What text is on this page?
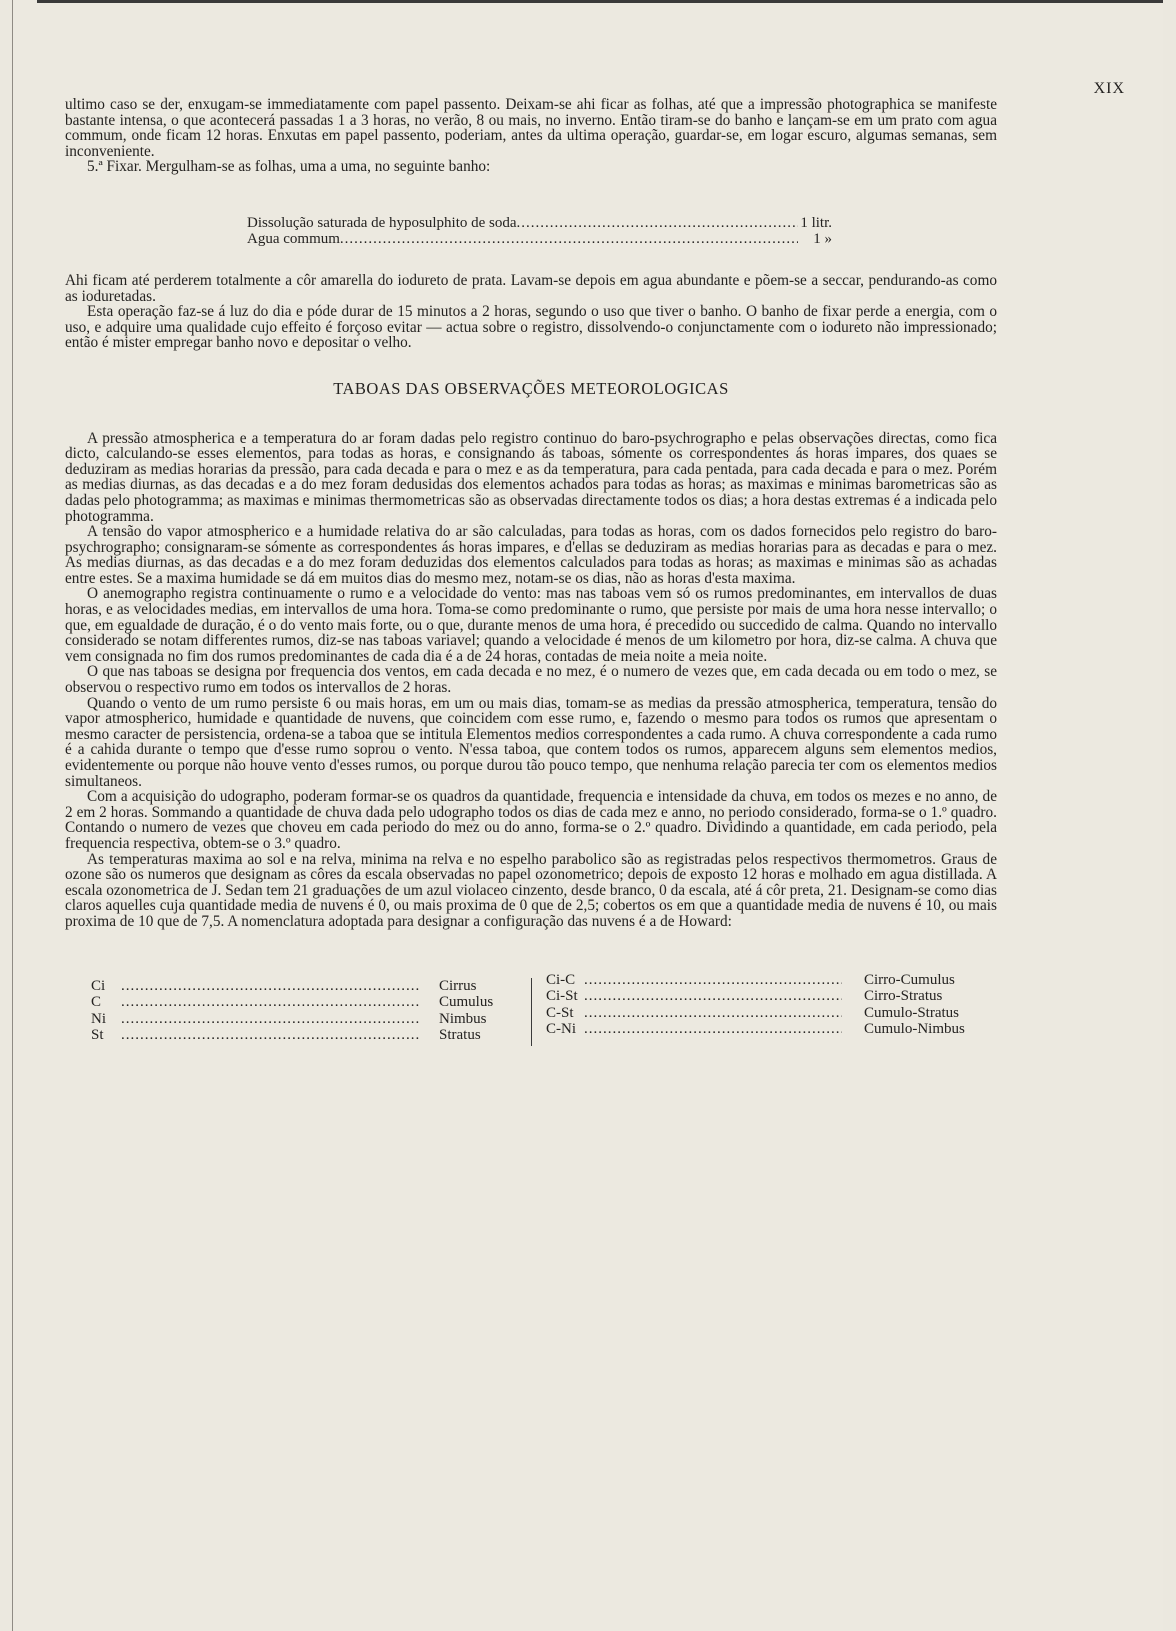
XIX

ultimo caso se der, enxugam-se immediatamente com papel passento. Deixam-se ahi ficar as folhas, até que a impressão photographica se manifeste bastante intensa, o que acontecerá passadas 1 a 3 horas, no verão, 8 ou mais, no inverno. Então tiram-se do banho e lançam-se em um prato com agua commum, onde ficam 12 horas. Enxutas em papel passento, poderiam, antes da ultima operação, guardar-se, em logar escuro, algumas semanas, sem inconveniente.

5.ª Fixar. Mergulham-se as folhas, uma a uma, no seguinte banho:

Dissolução saturada de hyposulphito de soda .....	1 litr.
Agua commum .....	1 »

Ahi ficam até perderem totalmente a côr amarella do iodureto de prata. Lavam-se depois em agua abundante e põem-se a seccar, pendurando-as como as ioduretadas.

Esta operação faz-se á luz do dia e póde durar de 15 minutos a 2 horas, segundo o uso que tiver o banho. O banho de fixar perde a energia, com o uso, e adquire uma qualidade cujo effeito é forçoso evitar — actua sobre o registro, dissolvendo-o conjunctamente com o iodureto não impressionado; então é mister empregar banho novo e depositar o velho.

TABOAS DAS OBSERVAÇÕES METEOROLOGICAS

A pressão atmospherica e a temperatura do ar foram dadas pelo registro continuo do baro-psychrographo e pelas observações directas, como fica dicto, calculando-se esses elementos, para todas as horas, e consignando ás taboas, sómente os correspondentes ás horas impares, dos quaes se deduziram as medias horarias da pressão, para cada decada e para o mez e as da temperatura, para cada pentada, para cada decada e para o mez. Porém as medias diurnas, as das decadas e a do mez foram dedusidas dos elementos achados para todas as horas; as maximas e minimas barometricas são as dadas pelo photogramma; as maximas e minimas thermometricas são as observadas directamente todos os dias; a hora destas extremas é a indicada pelo photogramma.

A tensão do vapor atmospherico e a humidade relativa do ar são calculadas, para todas as horas, com os dados fornecidos pelo registro do baro-psychrographo; consignaram-se sómente as correspondentes ás horas impares, e d'ellas se deduziram as medias horarias para as decadas e para o mez. As medias diurnas, as das decadas e a do mez foram deduzidas dos elementos calculados para todas as horas; as maximas e minimas são as achadas entre estes. Se a maxima humidade se dá em muitos dias do mesmo mez, notam-se os dias, não as horas d'esta maxima.

O anemographo registra continuamente o rumo e a velocidade do vento: mas nas taboas vem só os rumos predominantes, em intervallos de duas horas, e as velocidades medias, em intervallos de uma hora. Toma-se como predominante o rumo, que persiste por mais de uma hora nesse intervallo; o que, em egualdade de duração, é o do vento mais forte, ou o que, durante menos de uma hora, é precedido ou succedido de calma. Quando no intervallo considerado se notam differentes rumos, diz-se nas taboas variavel; quando a velocidade é menos de um kilometro por hora, diz-se calma. A chuva que vem consignada no fim dos rumos predominantes de cada dia é a de 24 horas, contadas de meia noite a meia noite.

O que nas taboas se designa por frequencia dos ventos, em cada decada e no mez, é o numero de vezes que, em cada decada ou em todo o mez, se observou o respectivo rumo em todos os intervallos de 2 horas.

Quando o vento de um rumo persiste 6 ou mais horas, em um ou mais dias, tomam-se as medias da pressão atmospherica, temperatura, tensão do vapor atmospherico, humidade e quantidade de nuvens, que coincidem com esse rumo, e, fazendo o mesmo para todos os rumos que apresentam o mesmo caracter de persistencia, ordena-se a taboa que se intitula Elementos medios correspondentes a cada rumo. A chuva correspondente a cada rumo é a cahida durante o tempo que d'esse rumo soprou o vento. N'essa taboa, que contem todos os rumos, apparecem alguns sem elementos medios, evidentemente ou porque não houve vento d'esses rumos, ou porque durou tão pouco tempo, que nenhuma relação parecia ter com os elementos medios simultaneos.

Com a acquisição do udographo, poderam formar-se os quadros da quantidade, frequencia e intensidade da chuva, em todos os mezes e no anno, de 2 em 2 horas. Sommando a quantidade de chuva dada pelo udographo todos os dias de cada mez e anno, no periodo considerado, forma-se o 1.º quadro. Contando o numero de vezes que choveu em cada periodo do mez ou do anno, forma-se o 2.º quadro. Dividindo a quantidade, em cada periodo, pela frequencia respectiva, obtem-se o 3.º quadro.

As temperaturas maxima ao sol e na relva, minima na relva e no espelho parabolico são as registradas pelos respectivos thermometros. Graus de ozone são os numeros que designam as côres da escala observadas no papel ozonometrico; depois de exposto 12 horas e molhado em agua distillada. A escala ozonometrica de J. Sedan tem 21 graduações de um azul violaceo cinzento, desde branco, 0 da escala, até á côr preta, 21. Designam-se como dias claros aquelles cuja quantidade media de nuvens é 0, ou mais proxima de 0 que de 2,5; cobertos os em que a quantidade media de nuvens é 10, ou mais proxima de 10 que de 7,5. A nomenclatura adoptada para designar a configuração das nuvens é a de Howard:

Ci .....	Cirrus
C .....	Cumulus
Ni .....	Nimbus
St .....	Stratus
Ci-C .....	Cirro-Cumulus
Ci-St .....	Cirro-Stratus
C-St .....	Cumulo-Stratus
C-Ni .....	Cumulo-Nimbus
